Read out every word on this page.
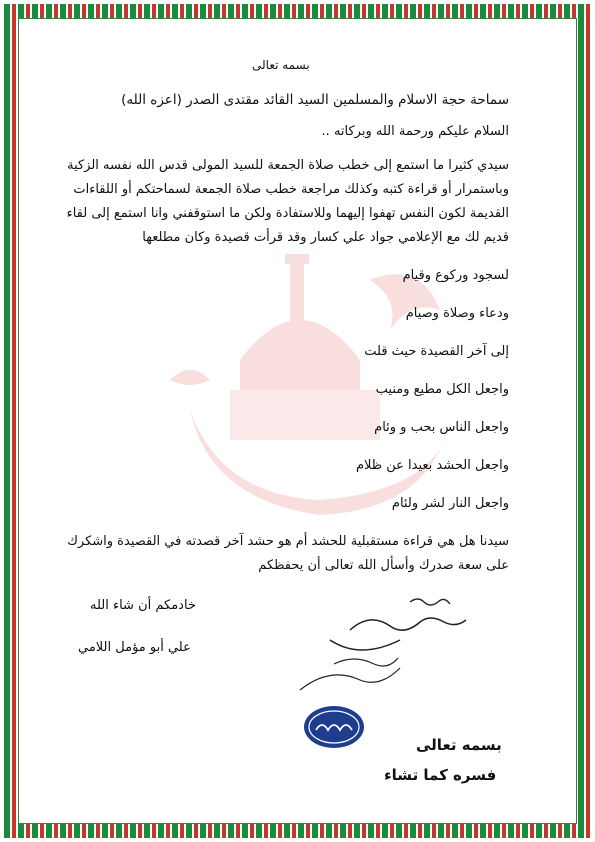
بسمه تعالى
سماحة حجة الاسلام والمسلمين السيد القائد مقتدى الصدر (اعزه الله)
السلام عليكم ورحمة الله وبركاته ..
سيدي كثيرا ما استمع إلى خطب صلاة الجمعة للسيد المولى قدس الله نفسه الزكية
وباستمرار أو قراءة كتبه وكذلك مراجعة خطب صلاة الجمعة لسماحتكم أو اللقاءات
القديمة لكون النفس تهفوا إليهما وللاستفادة ولكن ما استوقفني وانا استمع إلى لقاء
قديم لك مع الإعلامي جواد علي كسار وقد قرأت قصيدة وكان مطلعها
لسجود وركوع وقيام
ودعاء وصلاة وصيام
إلى آخر القصيدة حيث قلت
واجعل الكل مطيع ومنيب
واجعل الناس بحب و وئام
واجعل الحشد بعيدا عن ظلام
واجعل النار لشر ولئام
سيدنا هل هي قراءة مستقبلية للحشد أم هو حشد آخر قصدته في القصيدة واشكرك
على سعة صدرك وأسأل الله تعالى أن يحفظكم
خادمكم أن شاء الله
علي أبو مؤمل اللامي
بسمه تعالى
فسره كما تشاء
